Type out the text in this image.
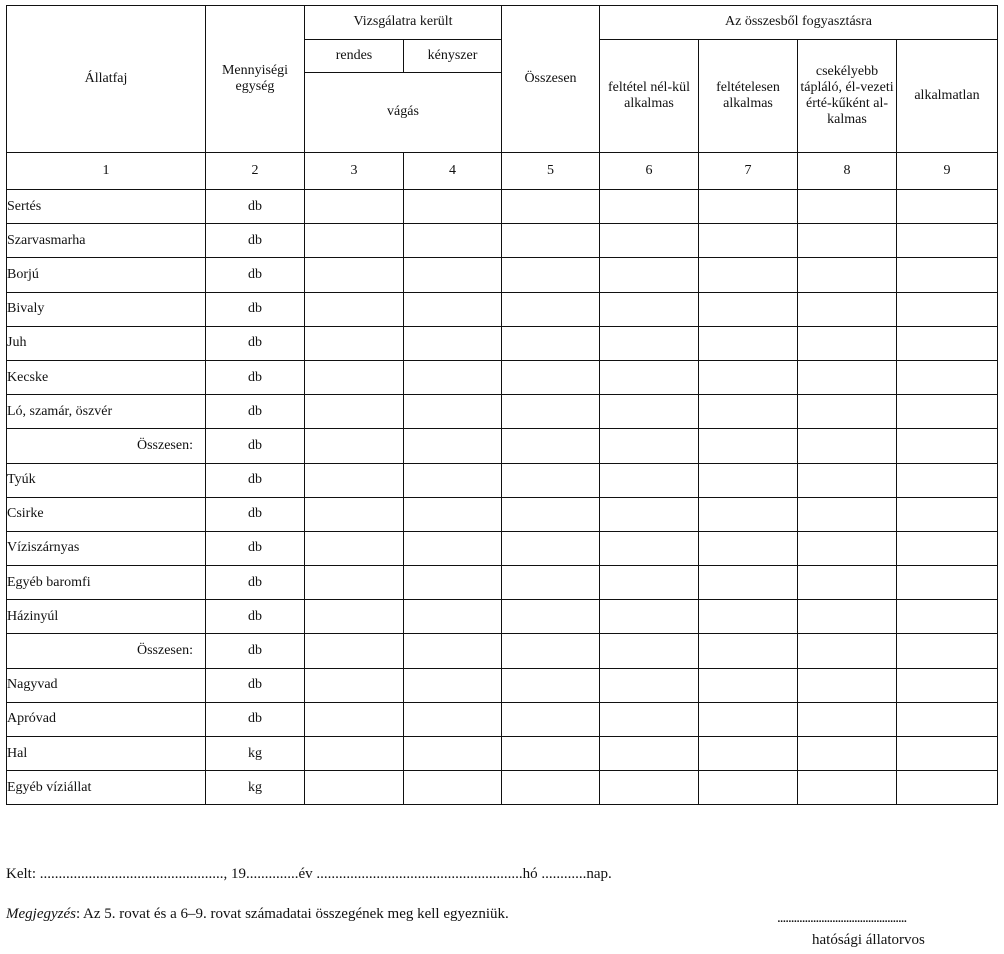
Állatfaj	Mennyiségi egység	Vizsgálatra került		Összesen	Az összesből fogyasztásra			
		rendes	kényszer		feltétel nél-kül alkalmas	feltételesen alkalmas	csekélyebb tápláló, él-vezeti érté-kűként al-kalmas	alkalmatlan
		vágás						
1	2	3	4	5	6	7	8	9
Sertés	db							
Szarvasmarha	db							
Borjú	db							
Bivaly	db							
Juh	db							
Kecske	db							
Ló, szamár, öszvér	db							
Összesen:	db							
Tyúk	db							
Csirke	db							
Víziszárnyas	db							
Egyéb baromfi	db							
Házinyúl	db							
Összesen:	db							
Nagyvad	db							
Apróvad	db							
Hal	kg							
Egyéb víziállat	kg							
Kelt: ................................................., 19..............év .......................................................hó ............nap.
Megjegyzés: Az 5. rovat és a 6–9. rovat számadatai összegének meg kell egyezniük.	...............................................
hatósági állatorvos
